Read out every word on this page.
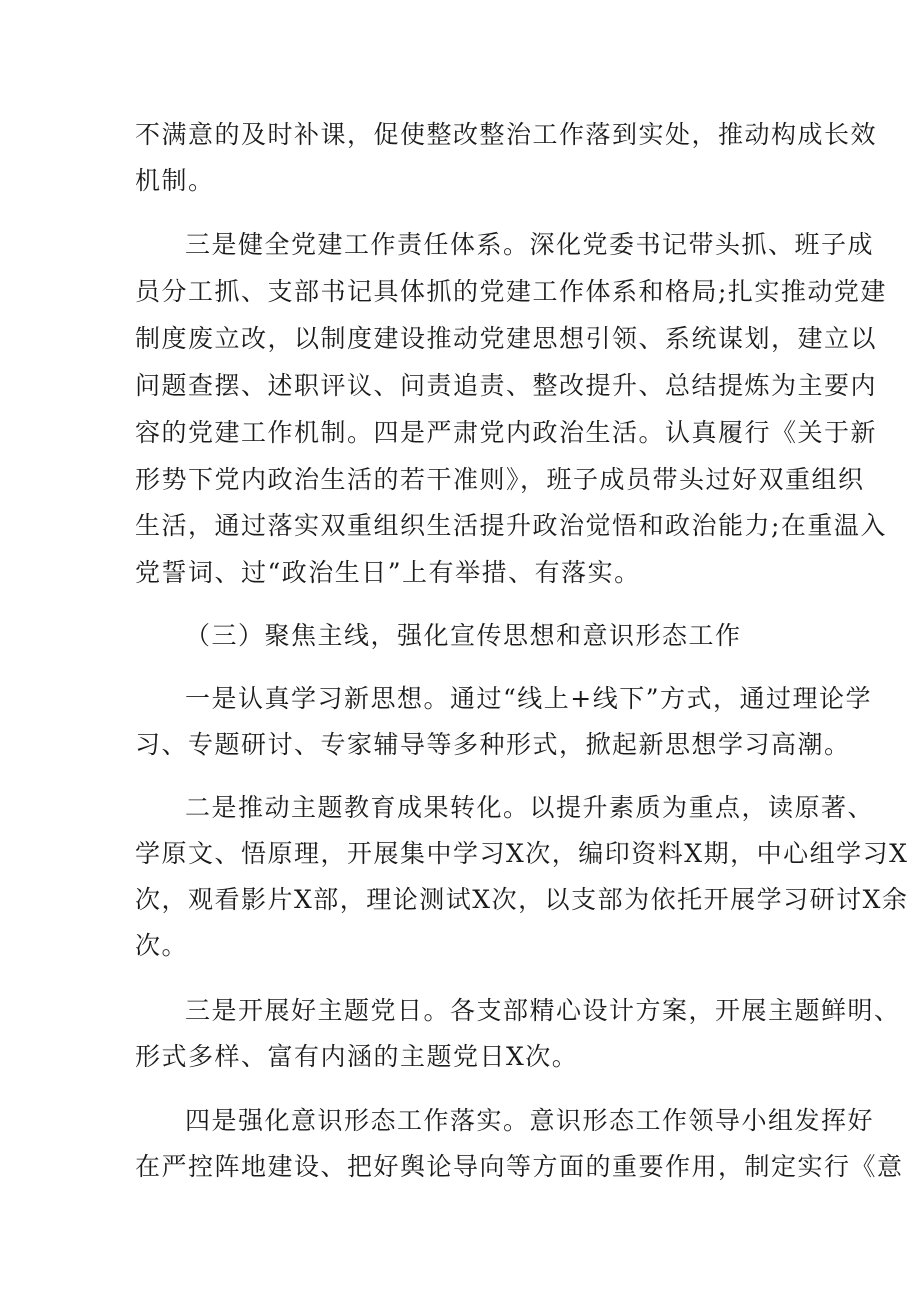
不满意的及时补课，促使整改整治工作落到实处，推动构成长效
机制。
三是健全党建工作责任体系。深化党委书记带头抓、班子成
员分工抓、支部书记具体抓的党建工作体系和格局;扎实推动党建
制度废立改，以制度建设推动党建思想引领、系统谋划，建立以
问题查摆、述职评议、问责追责、整改提升、总结提炼为主要内
容的党建工作机制。四是严肃党内政治生活。认真履行《关于新
形势下党内政治生活的若干准则》，班子成员带头过好双重组织
生活，通过落实双重组织生活提升政治觉悟和政治能力;在重温入
党誓词、过“政治生日”上有举措、有落实。
（三）聚焦主线，强化宣传思想和意识形态工作
一是认真学习新思想。通过“线上+线下”方式，通过理论学
习、专题研讨、专家辅导等多种形式，掀起新思想学习高潮。
二是推动主题教育成果转化。以提升素质为重点，读原著、
学原文、悟原理，开展集中学习X次，编印资料X期，中心组学习X
次，观看影片X部，理论测试X次，以支部为依托开展学习研讨X余
次。
三是开展好主题党日。各支部精心设计方案，开展主题鲜明、
形式多样、富有内涵的主题党日X次。
四是强化意识形态工作落实。意识形态工作领导小组发挥好
在严控阵地建设、把好舆论导向等方面的重要作用，制定实行《意
